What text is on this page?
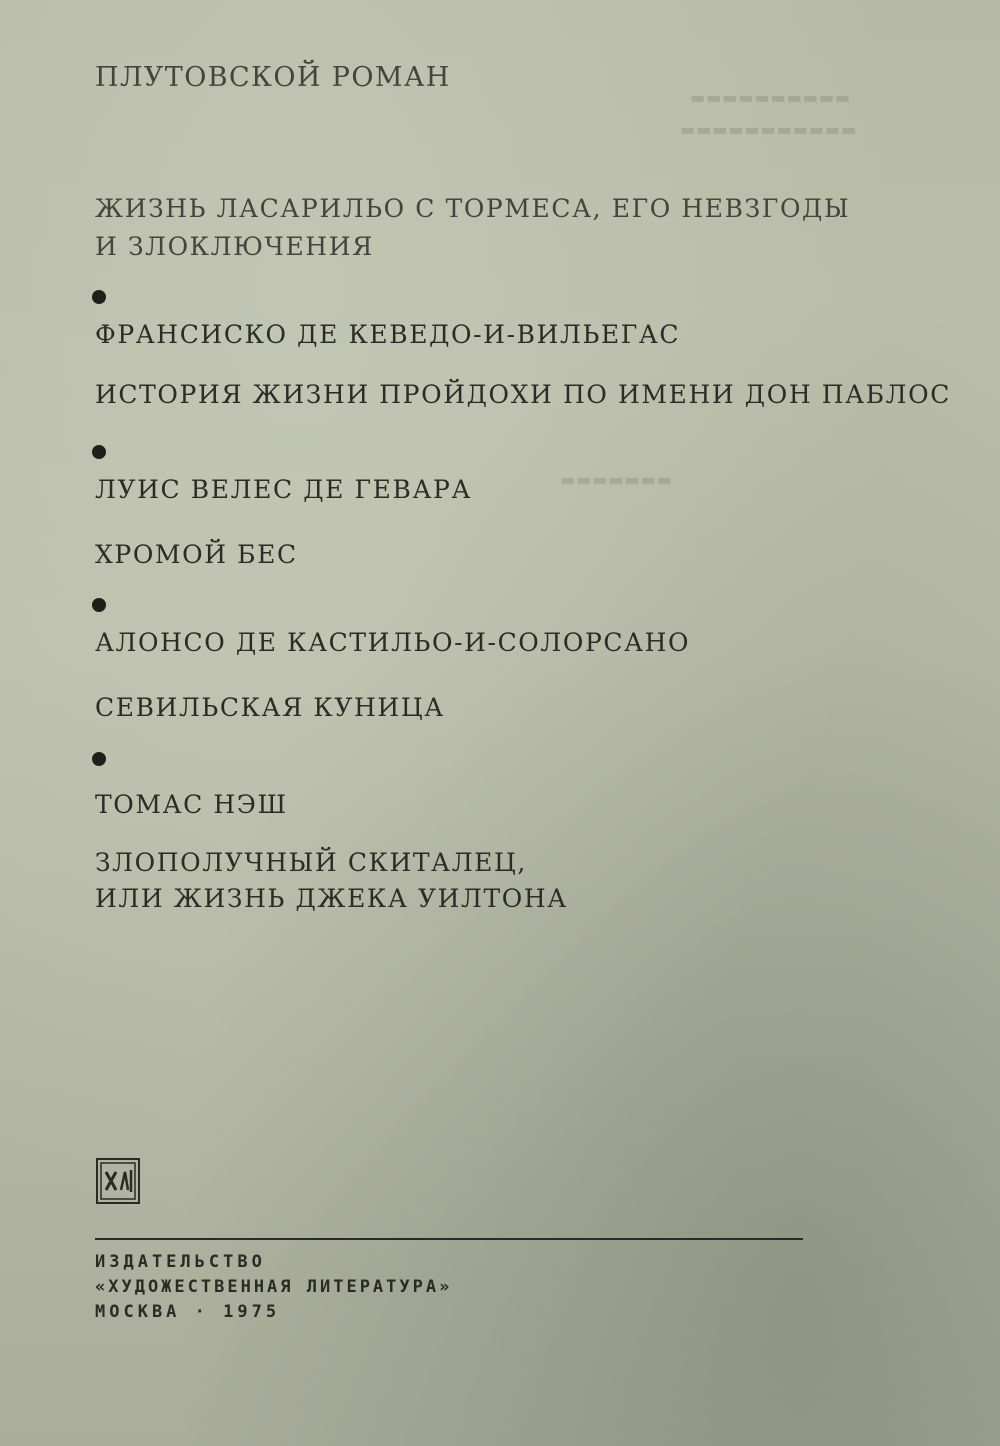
▬▬▬▬▬▬▬▬▬▬
▬▬▬▬▬▬▬▬▬▬▬
▬▬▬▬▬▬▬
ПЛУТОВСКОЙ РОМАН
ЖИЗНЬ ЛАСАРИЛЬО С ТОРМЕСА, ЕГО НЕВЗГОДЫ
И ЗЛОКЛЮЧЕНИЯ
ФРАНСИСКО ДЕ КЕВЕДО-И-ВИЛЬЕГАС
ИСТОРИЯ ЖИЗНИ ПРОЙДОХИ ПО ИМЕНИ ДОН ПАБЛОС
ЛУИС ВЕЛЕС ДЕ ГЕВАРА
ХРОМОЙ БЕС
АЛОНСО ДЕ КАСТИЛЬО-И-СОЛОРСАНО
СЕВИЛЬСКАЯ КУНИЦА
ТОМАС НЭШ
ЗЛОПОЛУЧНЫЙ СКИТАЛЕЦ,
ИЛИ ЖИЗНЬ ДЖЕКА УИЛТОНА
ИЗДАТЕЛЬСТВО
«ХУДОЖЕСТВЕННАЯ ЛИТЕРАТУРА»
МОСКВА · 1975
